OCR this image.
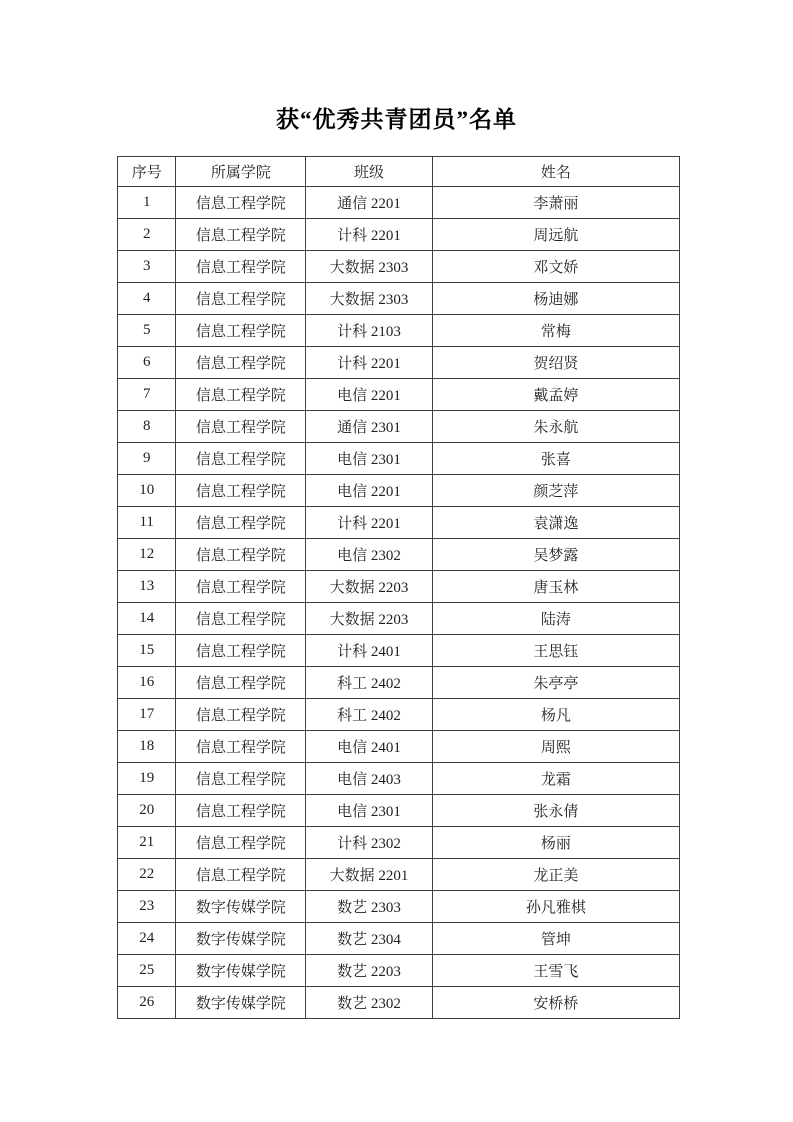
获“优秀共青团员”名单
序号	所属学院	班级	姓名
1	信息工程学院	通信 2201	李萧丽
2	信息工程学院	计科 2201	周远航
3	信息工程学院	大数据 2303	邓文娇
4	信息工程学院	大数据 2303	杨迪娜
5	信息工程学院	计科 2103	常梅
6	信息工程学院	计科 2201	贺绍贤
7	信息工程学院	电信 2201	戴孟婷
8	信息工程学院	通信 2301	朱永航
9	信息工程学院	电信 2301	张喜
10	信息工程学院	电信 2201	颜芝萍
11	信息工程学院	计科 2201	袁潇逸
12	信息工程学院	电信 2302	吴梦露
13	信息工程学院	大数据 2203	唐玉林
14	信息工程学院	大数据 2203	陆涛
15	信息工程学院	计科 2401	王思钰
16	信息工程学院	科工 2402	朱亭亭
17	信息工程学院	科工 2402	杨凡
18	信息工程学院	电信 2401	周熙
19	信息工程学院	电信 2403	龙霜
20	信息工程学院	电信 2301	张永倩
21	信息工程学院	计科 2302	杨丽
22	信息工程学院	大数据 2201	龙正美
23	数字传媒学院	数艺 2303	孙凡雅棋
24	数字传媒学院	数艺 2304	管坤
25	数字传媒学院	数艺 2203	王雪飞
26	数字传媒学院	数艺 2302	安桥桥
